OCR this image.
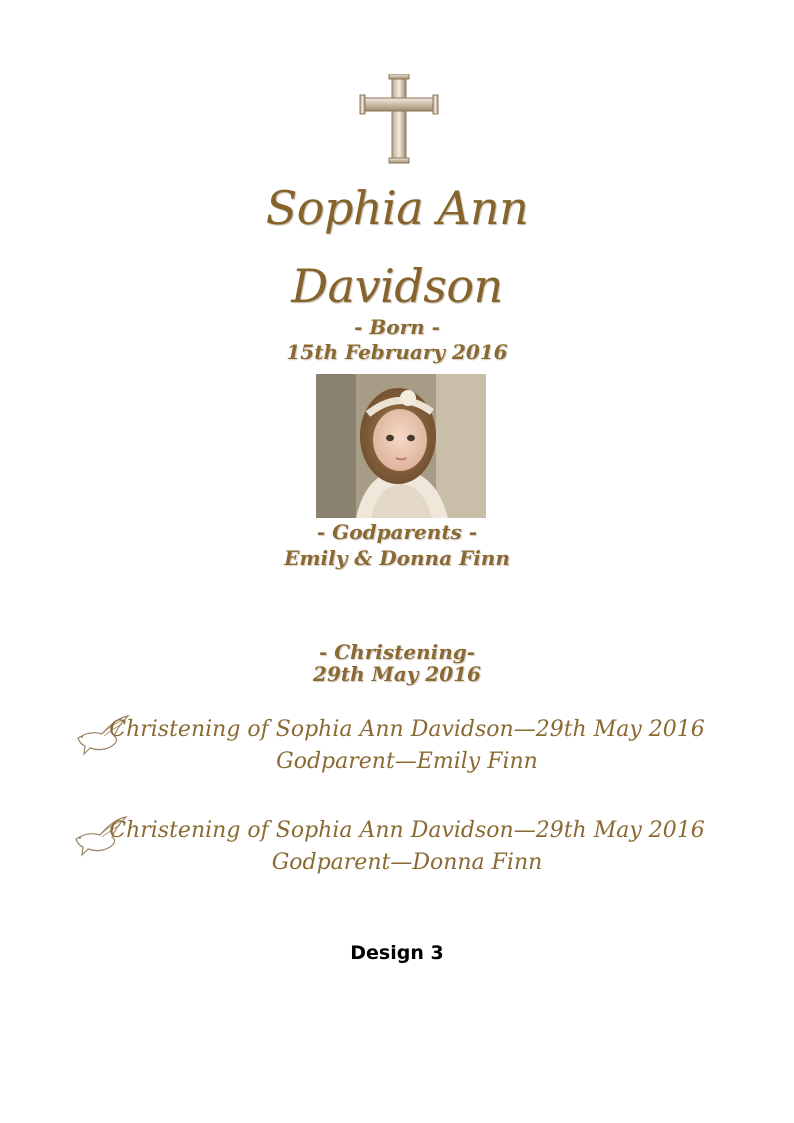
Sophia Ann
Davidson
- Born -
15th February 2016
- Godparents -
Emily & Donna Finn
- Christening-
29th May 2016
Christening of Sophia Ann Davidson—29th May 2016
Godparent—Emily Finn
Christening of Sophia Ann Davidson—29th May 2016
Godparent—Donna Finn
Design 3
